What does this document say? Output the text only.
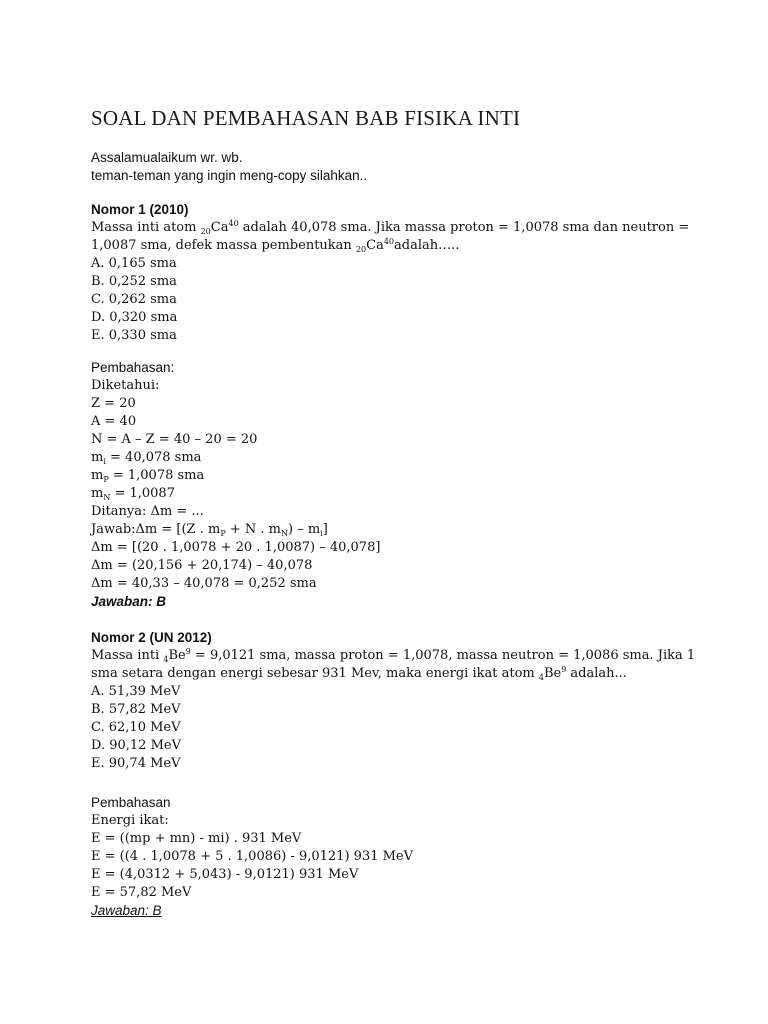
SOAL DAN PEMBAHASAN BAB FISIKA INTI
Assalamualaikum wr. wb.
teman-teman yang ingin meng-copy silahkan..
Nomor 1 (2010)
Massa inti atom $_{20}Ca^{40}$ adalah 40,078 sma. Jika massa proton = 1,0078 sma dan neutron =
1,0087 sma, defek massa pembentukan $_{20}Ca^{40}adalah\dots$..
A. 0,165 sma
B. 0,252 sma
C. 0,262 sma
D. 0,320 sma
E. 0,330 sma
Pembahasan:
Diketahui:
Z = 20
A = 40
N = A – Z = 40 – 20 = 20
$m_i = 40,078$ sma
$m_P = 1,0078$ sma
$m_N = 1,0087$
Ditanya: Δm = ...
Jawab:Δm = [(Z . $m_P + N$ . $m_N) - m_i$]
Δm = [(20 . 1,0078 + 20 . 1,0087) – 40,078]
Δm = (20,156 + 20,174) – 40,078
Δm = 40,33 – 40,078 = 0,252 sma
Jawaban: B
Nomor 2 (UN 2012)
Massa inti $_4Be^9 = 9,0121$ sma, massa proton = 1,0078, massa neutron = 1,0086 sma. Jika 1
sma setara dengan energi sebesar 931 Mev, maka energi ikat atom $_4Be^9$ adalah...
A. 51,39 MeV
B. 57,82 MeV
C. 62,10 MeV
D. 90,12 MeV
E. 90,74 MeV
Pembahasan
Energi ikat:
E = ((mp + mn) - mi) . 931 MeV
E = ((4 . 1,0078 + 5 . 1,0086) - 9,0121) 931 MeV
E = (4,0312 + 5,043) - 9,0121) 931 MeV
E = 57,82 MeV
Jawaban: B
